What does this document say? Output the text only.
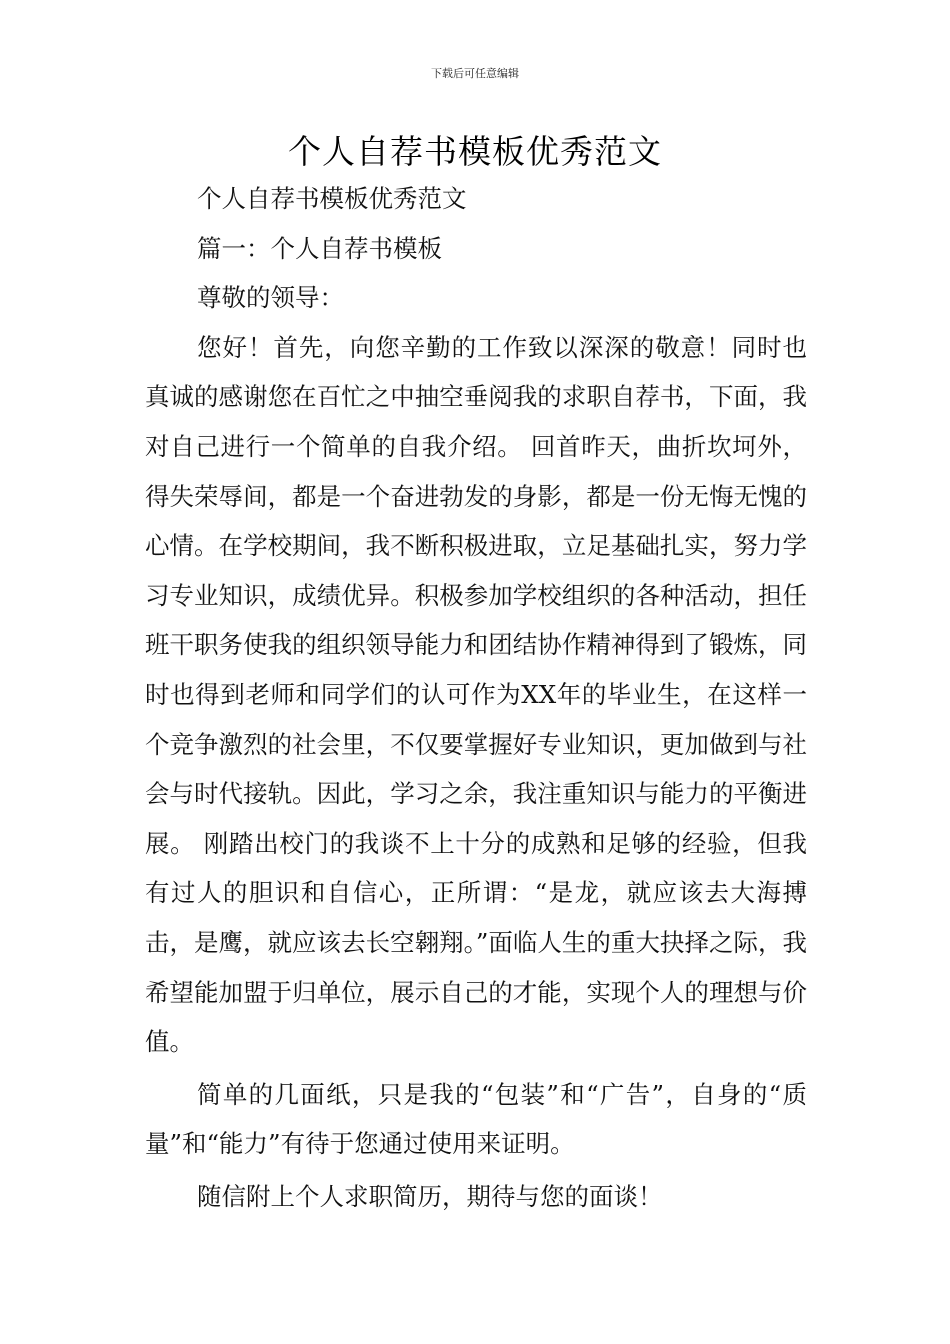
下载后可任意编辑
个人自荐书模板优秀范文

个人自荐书模板优秀范文

篇一：个人自荐书模板

尊敬的领导：

您好！首先，向您辛勤的工作致以深深的敬意！同时也真诚的感谢您在百忙之中抽空垂阅我的求职自荐书，下面，我对自己进行一个简单的自我介绍。 回首昨天，曲折坎坷外，得失荣辱间，都是一个奋进勃发的身影，都是一份无悔无愧的心情。在学校期间，我不断积极进取，立足基础扎实，努力学习专业知识，成绩优异。积极参加学校组织的各种活动，担任班干职务使我的组织领导能力和团结协作精神得到了锻炼，同时也得到老师和同学们的认可作为XX年的毕业生，在这样一个竞争激烈的社会里，不仅要掌握好专业知识，更加做到与社会与时代接轨。因此，学习之余，我注重知识与能力的平衡进展。 刚踏出校门的我谈不上十分的成熟和足够的经验，但我有过人的胆识和自信心，正所谓：“是龙，就应该去大海搏击，是鹰，就应该去长空翱翔。”面临人生的重大抉择之际，我希望能加盟于归单位，展示自己的才能，实现个人的理想与价值。

简单的几面纸，只是我的“包装”和“广告”，自身的“质量”和“能力”有待于您通过使用来证明。

随信附上个人求职简历，期待与您的面谈！
